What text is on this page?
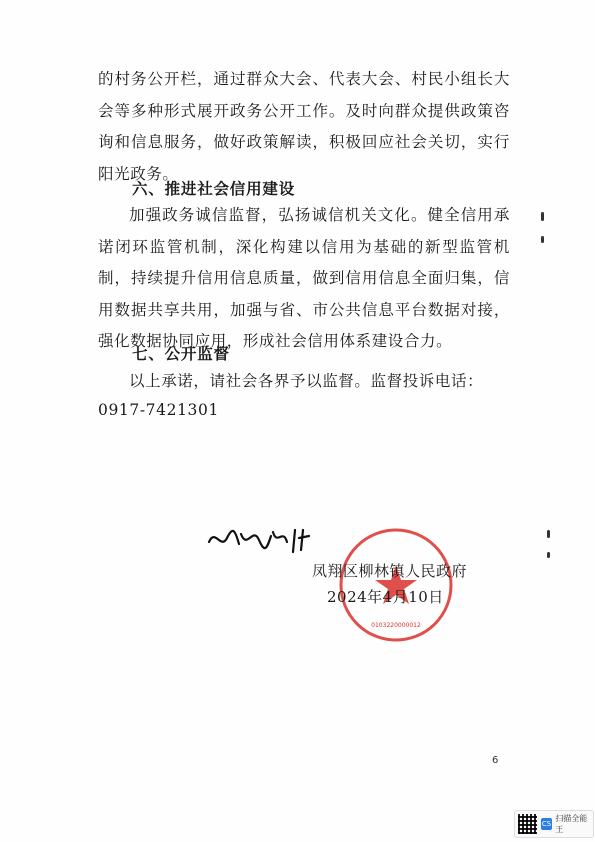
的村务公开栏，通过群众大会、代表大会、村民小组长大会等多种形式展开政务公开工作。及时向群众提供政策咨询和信息服务，做好政策解读，积极回应社会关切，实行阳光政务。

六、推进社会信用建设

加强政务诚信监督，弘扬诚信机关文化。健全信用承诺闭环监管机制，深化构建以信用为基础的新型监管机制，持续提升信用信息质量，做到信用信息全面归集，信用数据共享共用，加强与省、市公共信息平台数据对接，强化数据协同应用，形成社会信用体系建设合力。

七、公开监督

以上承诺，请社会各界予以监督。监督投诉电话：

0917-7421301

0103220000012
凤翔区柳林镇人民政府
2024年4月10日
6
CS
扫描全能王
